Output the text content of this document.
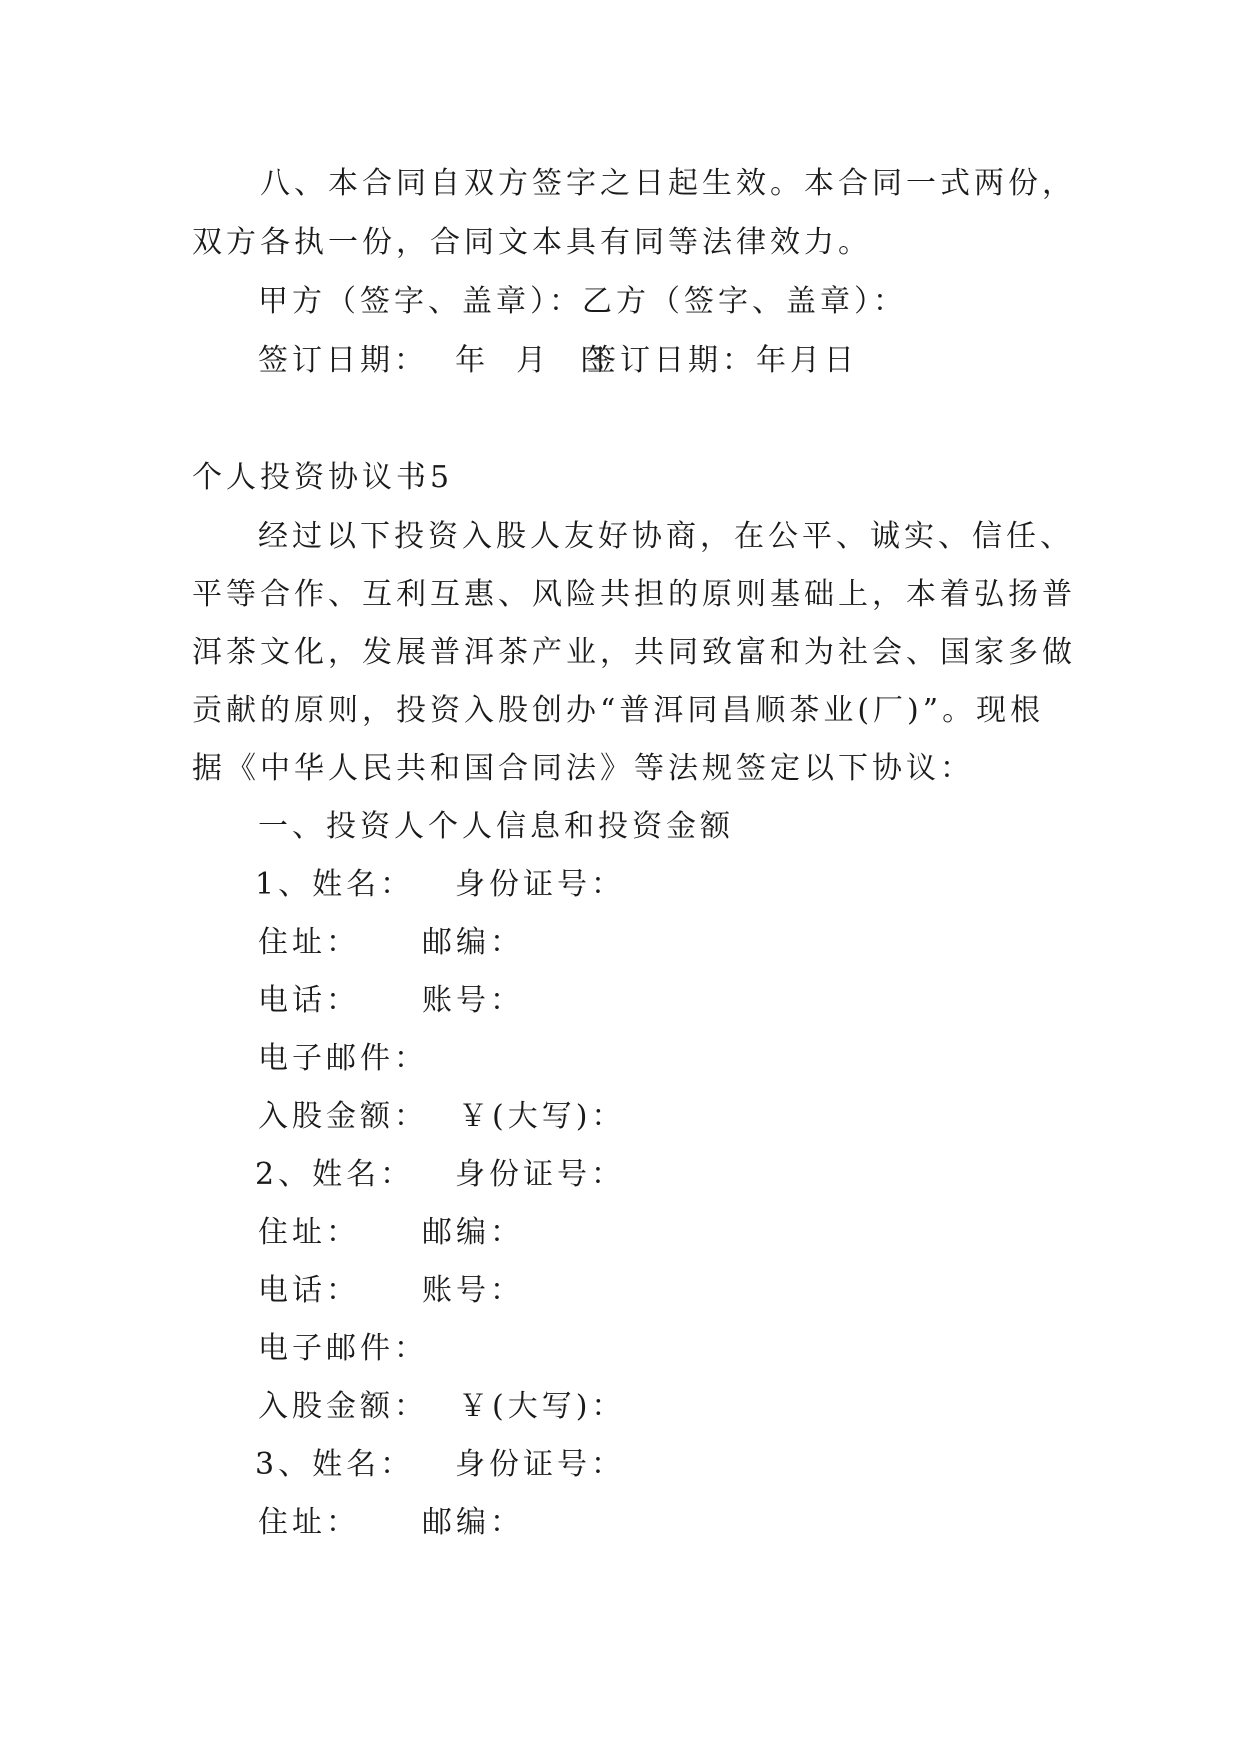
八、本合同自双方签字之日起生效。本合同一式两份，
双方各执一份，合同文本具有同等法律效力。
甲方（签字、盖章）： 乙方（签字、盖章）：
签订日期：  年  月  日
签订日期：年月日
个人投资协议书5
经过以下投资入股人友好协商，在公平、诚实、信任、
平等合作、互利互惠、风险共担的原则基础上，本着弘扬普
洱茶文化，发展普洱茶产业，共同致富和为社会、国家多做
贡献的原则，投资入股创办“普洱同昌顺茶业(厂)”。现根
据《中华人民共和国合同法》等法规签定以下协议：
一、投资人个人信息和投资金额
1、姓名： 身份证号：
住址： 邮编：
电话： 账号：
电子邮件：
入股金额： ￥(大写)：
2、姓名： 身份证号：
住址： 邮编：
电话： 账号：
电子邮件：
入股金额： ￥(大写)：
3、姓名： 身份证号：
住址： 邮编：
